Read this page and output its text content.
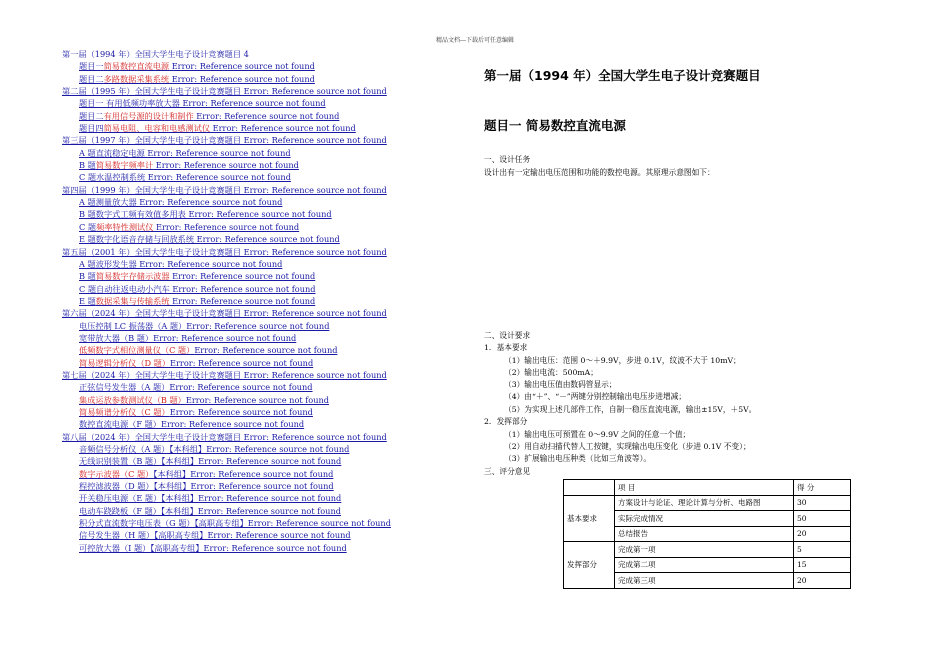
精品文档---下载后可任意编辑
第一届（1994 年）全国大学生电子设计竞赛题目 4
题目一简易数控直流电源 Error: Reference source not found
题目二多路数据采集系统 Error: Reference source not found
第二届（1995 年）全国大学生电子设计竞赛题目 Error: Reference source not found
题目一 有用低频功率放大器 Error: Reference source not found
题目二有用信号源的设计和制作 Error: Reference source not found
题目四简易电阻、电容和电感测试仪 Error: Reference source not found
第三届（1997 年）全国大学生电子设计竞赛题目 Error: Reference source not found
A 题直流稳定电源 Error: Reference source not found
B 题简易数字频率计 Error: Reference source not found
C 题水温控制系统 Error: Reference source not found
第四届（1999 年）全国大学生电子设计竞赛题目 Error: Reference source not found
A 题测量放大器 Error: Reference source not found
B 题数字式工频有效值多用表 Error: Reference source not found
C 题频率特性测试仪 Error: Reference source not found
E 题数字化语音存储与回放系统 Error: Reference source not found
第五届（2001 年）全国大学生电子设计竞赛题目 Error: Reference source not found
A 题波形发生器 Error: Reference source not found
B 题简易数字存储示波器 Error: Reference source not found
C 题自动往返电动小汽车 Error: Reference source not found
E 题数据采集与传输系统 Error: Reference source not found
第六届（2024 年）全国大学生电子设计竞赛题目 Error: Reference source not found
电压控制 LC 振荡器（A 题）Error: Reference source not found
宽带放大器（B 题）Error: Reference source not found
低频数字式相位测量仪（C 题）Error: Reference source not found
简易逻辑分析仪（D 题）Error: Reference source not found
第七届（2024 年）全国大学生电子设计竞赛题目 Error: Reference source not found
正弦信号发生器（A 题）Error: Reference source not found
集成运放参数测试仪（B 题）Error: Reference source not found
简易频谱分析仪（C 题）Error: Reference source not found
数控直流电源（F 题）Error: Reference source not found
第八届（2024 年）全国大学生电子设计竞赛题目 Error: Reference source not found
音频信号分析仪（A 题）【本科组】Error: Reference source not found
无线识别装置（B 题）【本科组】Error: Reference source not found
数字示波器（C 题）【本科组】Error: Reference source not found
程控滤波器（D 题）【本科组】Error: Reference source not found
开关稳压电源（E 题）【本科组】Error: Reference source not found
电动车跷跷板（F 题）【本科组】Error: Reference source not found
积分式直流数字电压表（G 题）【高职高专组】Error: Reference source not found
信号发生器（H 题）【高职高专组】Error: Reference source not found
可控放大器（I 题）【高职高专组】Error: Reference source not found
第一届（1994 年）全国大学生电子设计竞赛题目
题目一 简易数控直流电源
一、设计任务
设计出有一定输出电压范围和功能的数控电源。其原理示意图如下：
二、设计要求
1．基本要求
（1）输出电压：范围 0～＋9.9V，步进 0.1V，纹波不大于 10mV；
（2）输出电流：500mA；
（3）输出电压值由数码管显示；
（4）由“＋”、“－”两键分别控制输出电压步进增减；
（5）为实现上述几部件工作，自制一稳压直流电源，输出±15V，＋5V。
2．发挥部分
（1）输出电压可预置在 0～9.9V 之间的任意一个值；
（2）用自动扫描代替人工按键，实现输出电压变化（步进 0.1V 不变）；
（3）扩展输出电压种类（比如三角波等）。
三、评分意见
	项 目	得 分
基本要求	方案设计与论证、理论计算与分析、电路图	30
	实际完成情况	50
	总结报告	20
发挥部分	完成第一项	5
	完成第二项	15
	完成第三项	20
